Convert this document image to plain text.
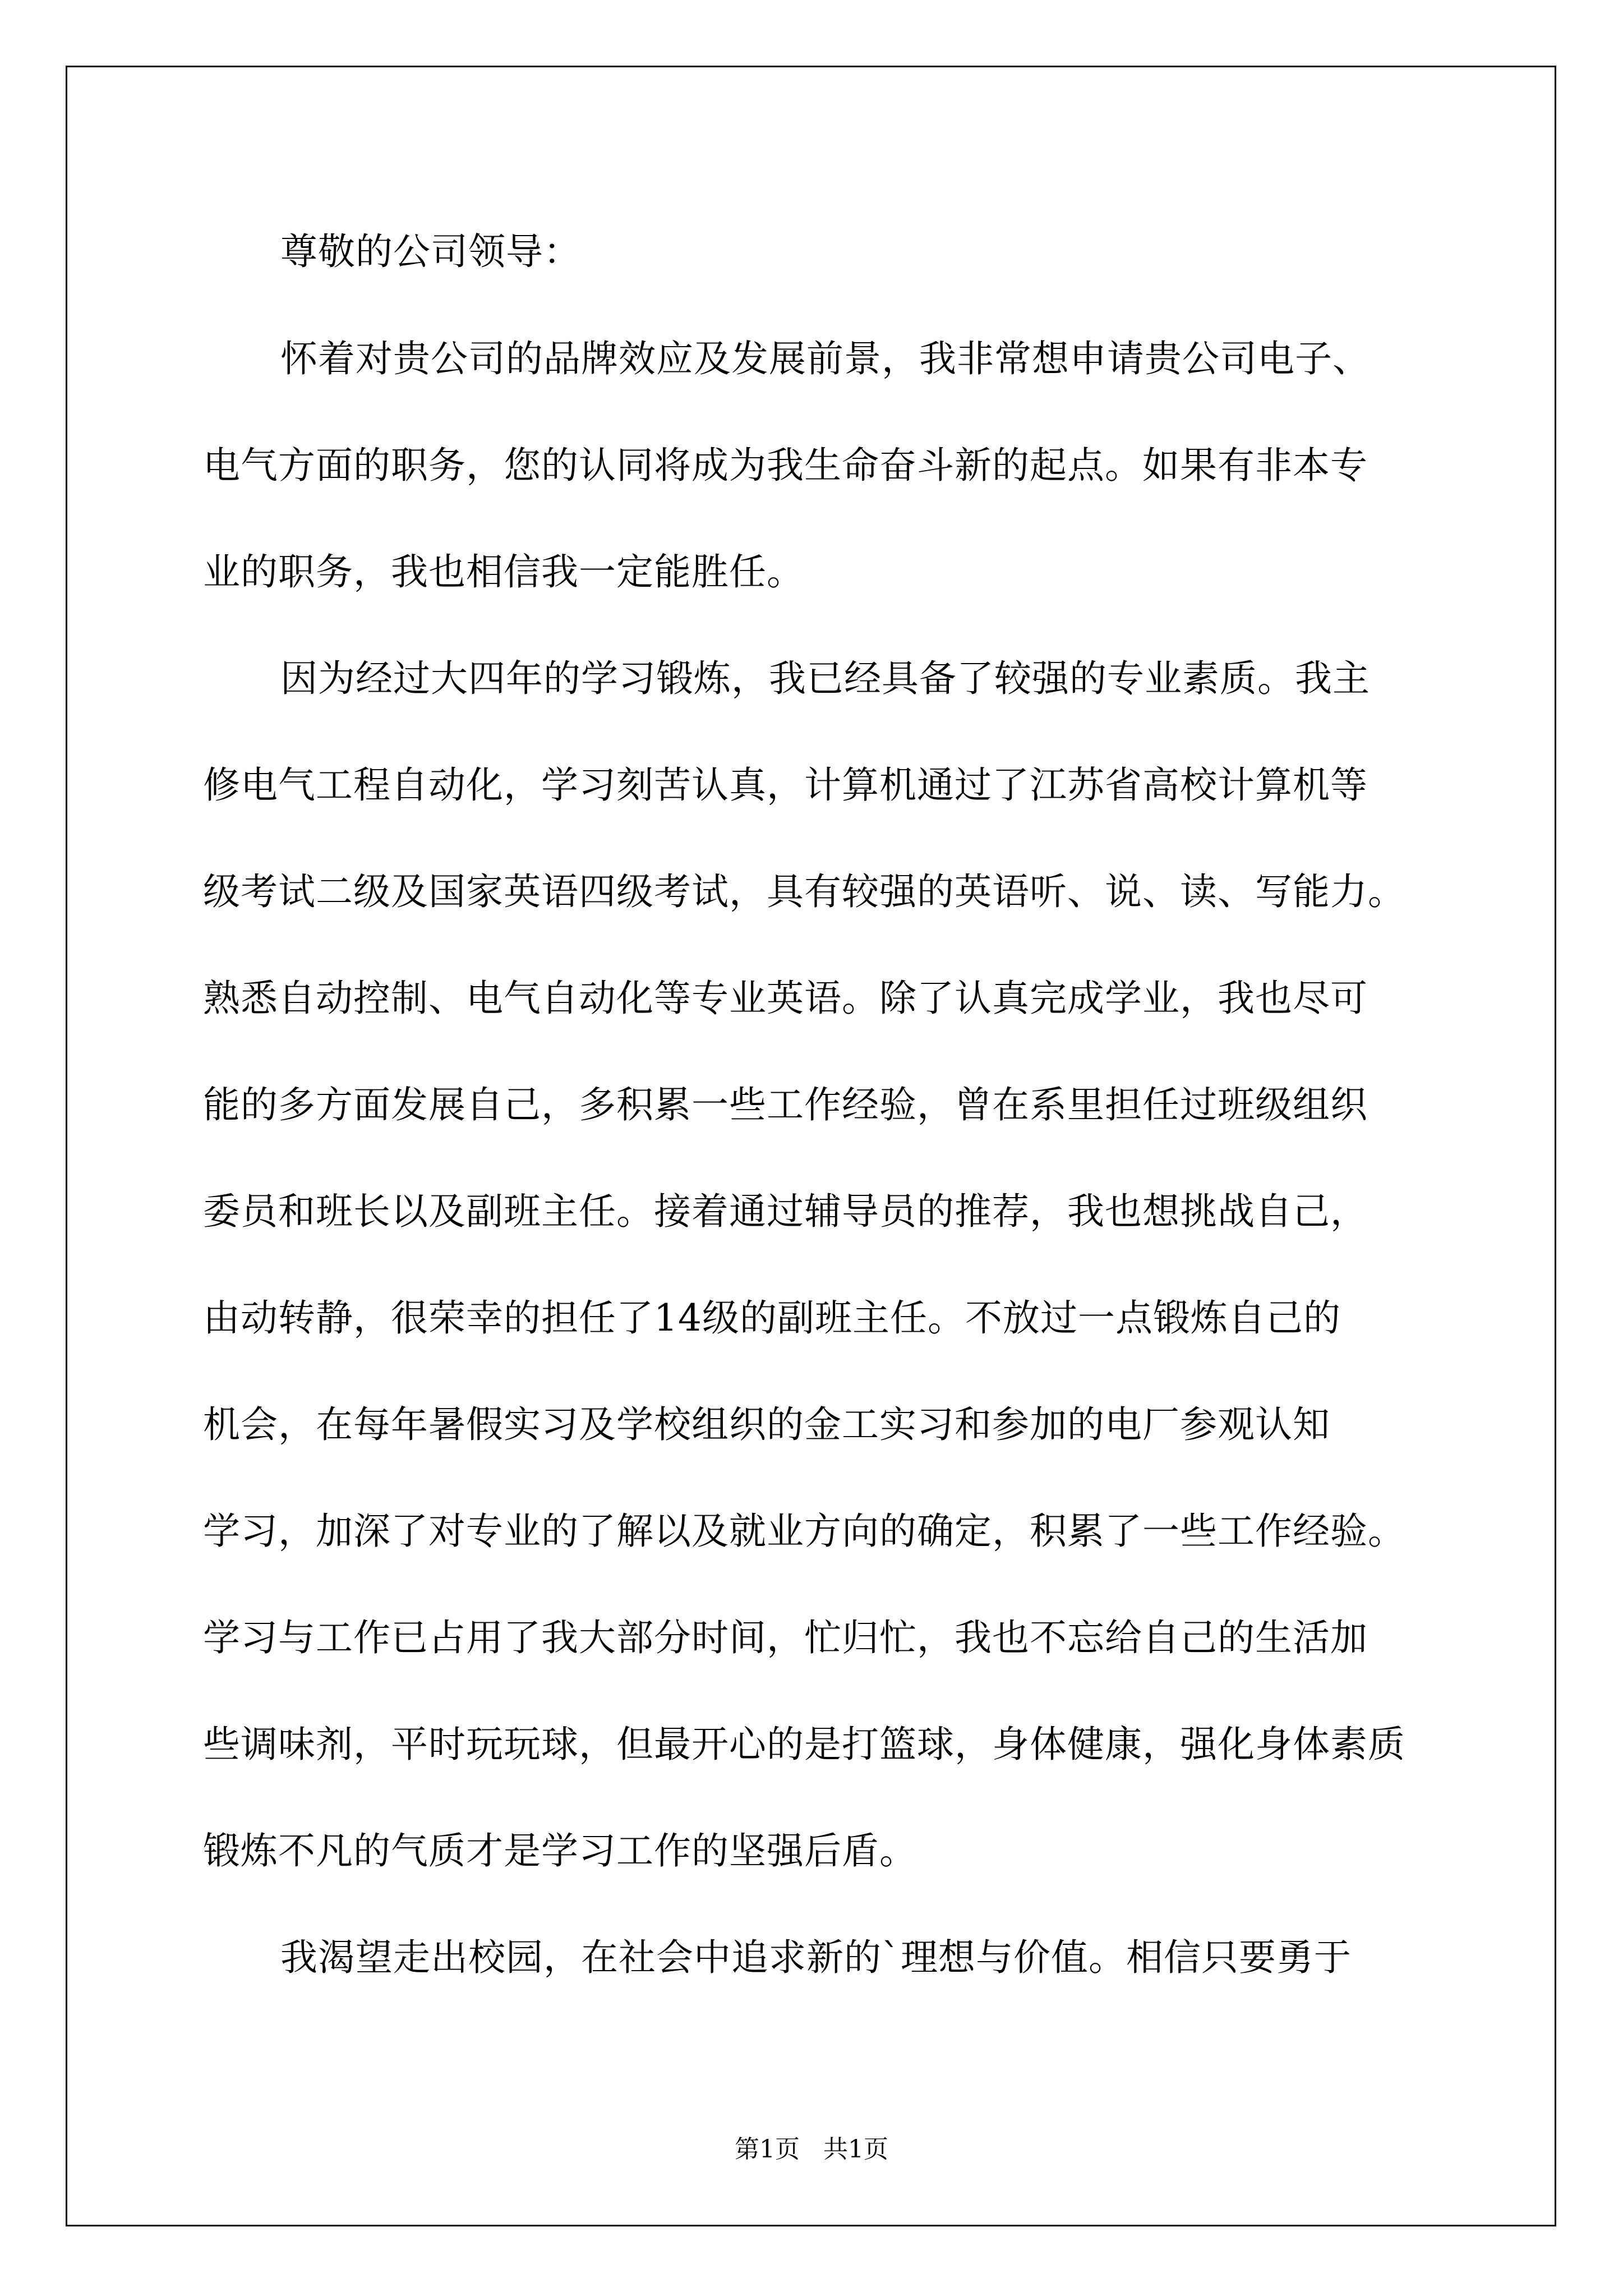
尊敬的公司领导：
怀着对贵公司的品牌效应及发展前景，我非常想申请贵公司电子、
电气方面的职务，您的认同将成为我生命奋斗新的起点。如果有非本专
业的职务，我也相信我一定能胜任。
因为经过大四年的学习锻炼，我已经具备了较强的专业素质。我主
修电气工程自动化，学习刻苦认真，计算机通过了江苏省高校计算机等
级考试二级及国家英语四级考试，具有较强的英语听、说、读、写能力。
熟悉自动控制、电气自动化等专业英语。除了认真完成学业，我也尽可
能的多方面发展自己，多积累一些工作经验，曾在系里担任过班级组织
委员和班长以及副班主任。接着通过辅导员的推荐，我也想挑战自己，
由动转静，很荣幸的担任了14级的副班主任。不放过一点锻炼自己的
机会，在每年暑假实习及学校组织的金工实习和参加的电厂参观认知
学习，加深了对专业的了解以及就业方向的确定，积累了一些工作经验。
学习与工作已占用了我大部分时间，忙归忙，我也不忘给自己的生活加
些调味剂，平时玩玩球，但最开心的是打篮球，身体健康，强化身体素质
锻炼不凡的气质才是学习工作的坚强后盾。
我渴望走出校园，在社会中追求新的`理想与价值。相信只要勇于
第1页   共1页
